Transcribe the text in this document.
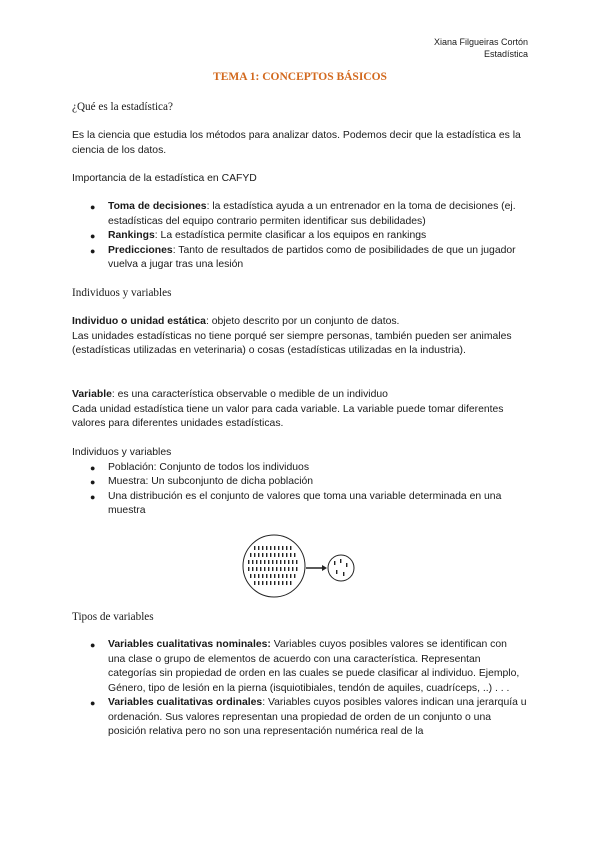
Xiana Filgueiras Cortón
Estadística
TEMA 1: CONCEPTOS BÁSICOS
¿Qué es la estadística?
Es la ciencia que estudia los métodos para analizar datos. Podemos decir que la estadística es la ciencia de los datos.
Importancia de la estadística en CAFYD
● Toma de decisiones: la estadística ayuda a un entrenador en la toma de decisiones (ej. estadísticas del equipo contrario permiten identificar sus debilidades)
● Rankings: La estadística permite clasificar a los equipos en rankings
● Predicciones: Tanto de resultados de partidos como de posibilidades de que un jugador vuelva a jugar tras una lesión
Individuos y variables
Individuo o unidad estática: objeto descrito por un conjunto de datos.
Las unidades estadísticas no tiene porqué ser siempre personas, también pueden ser animales (estadísticas utilizadas en veterinaria) o cosas (estadísticas utilizadas en la industria).
Variable: es una característica observable o medible de un individuo
Cada unidad estadística tiene un valor para cada variable. La variable puede tomar diferentes valores para diferentes unidades estadísticas.
Individuos y variables
● Población: Conjunto de todos los individuos
● Muestra: Un subconjunto de dicha población
● Una distribución es el conjunto de valores que toma una variable determinada en una muestra
Tipos de variables
● Variables cualitativas nominales: Variables cuyos posibles valores se identifican con una clase o grupo de elementos de acuerdo con una característica. Representan categorías sin propiedad de orden en las cuales se puede clasificar al individuo. Ejemplo, Género, tipo de lesión en la pierna (isquiotibiales, tendón de aquiles, cuadríceps, ..) . . .
● Variables cualitativas ordinales: Variables cuyos posibles valores indican una jerarquía u ordenación. Sus valores representan una propiedad de orden de un conjunto o una posición relativa pero no son una representación numérica real de la
